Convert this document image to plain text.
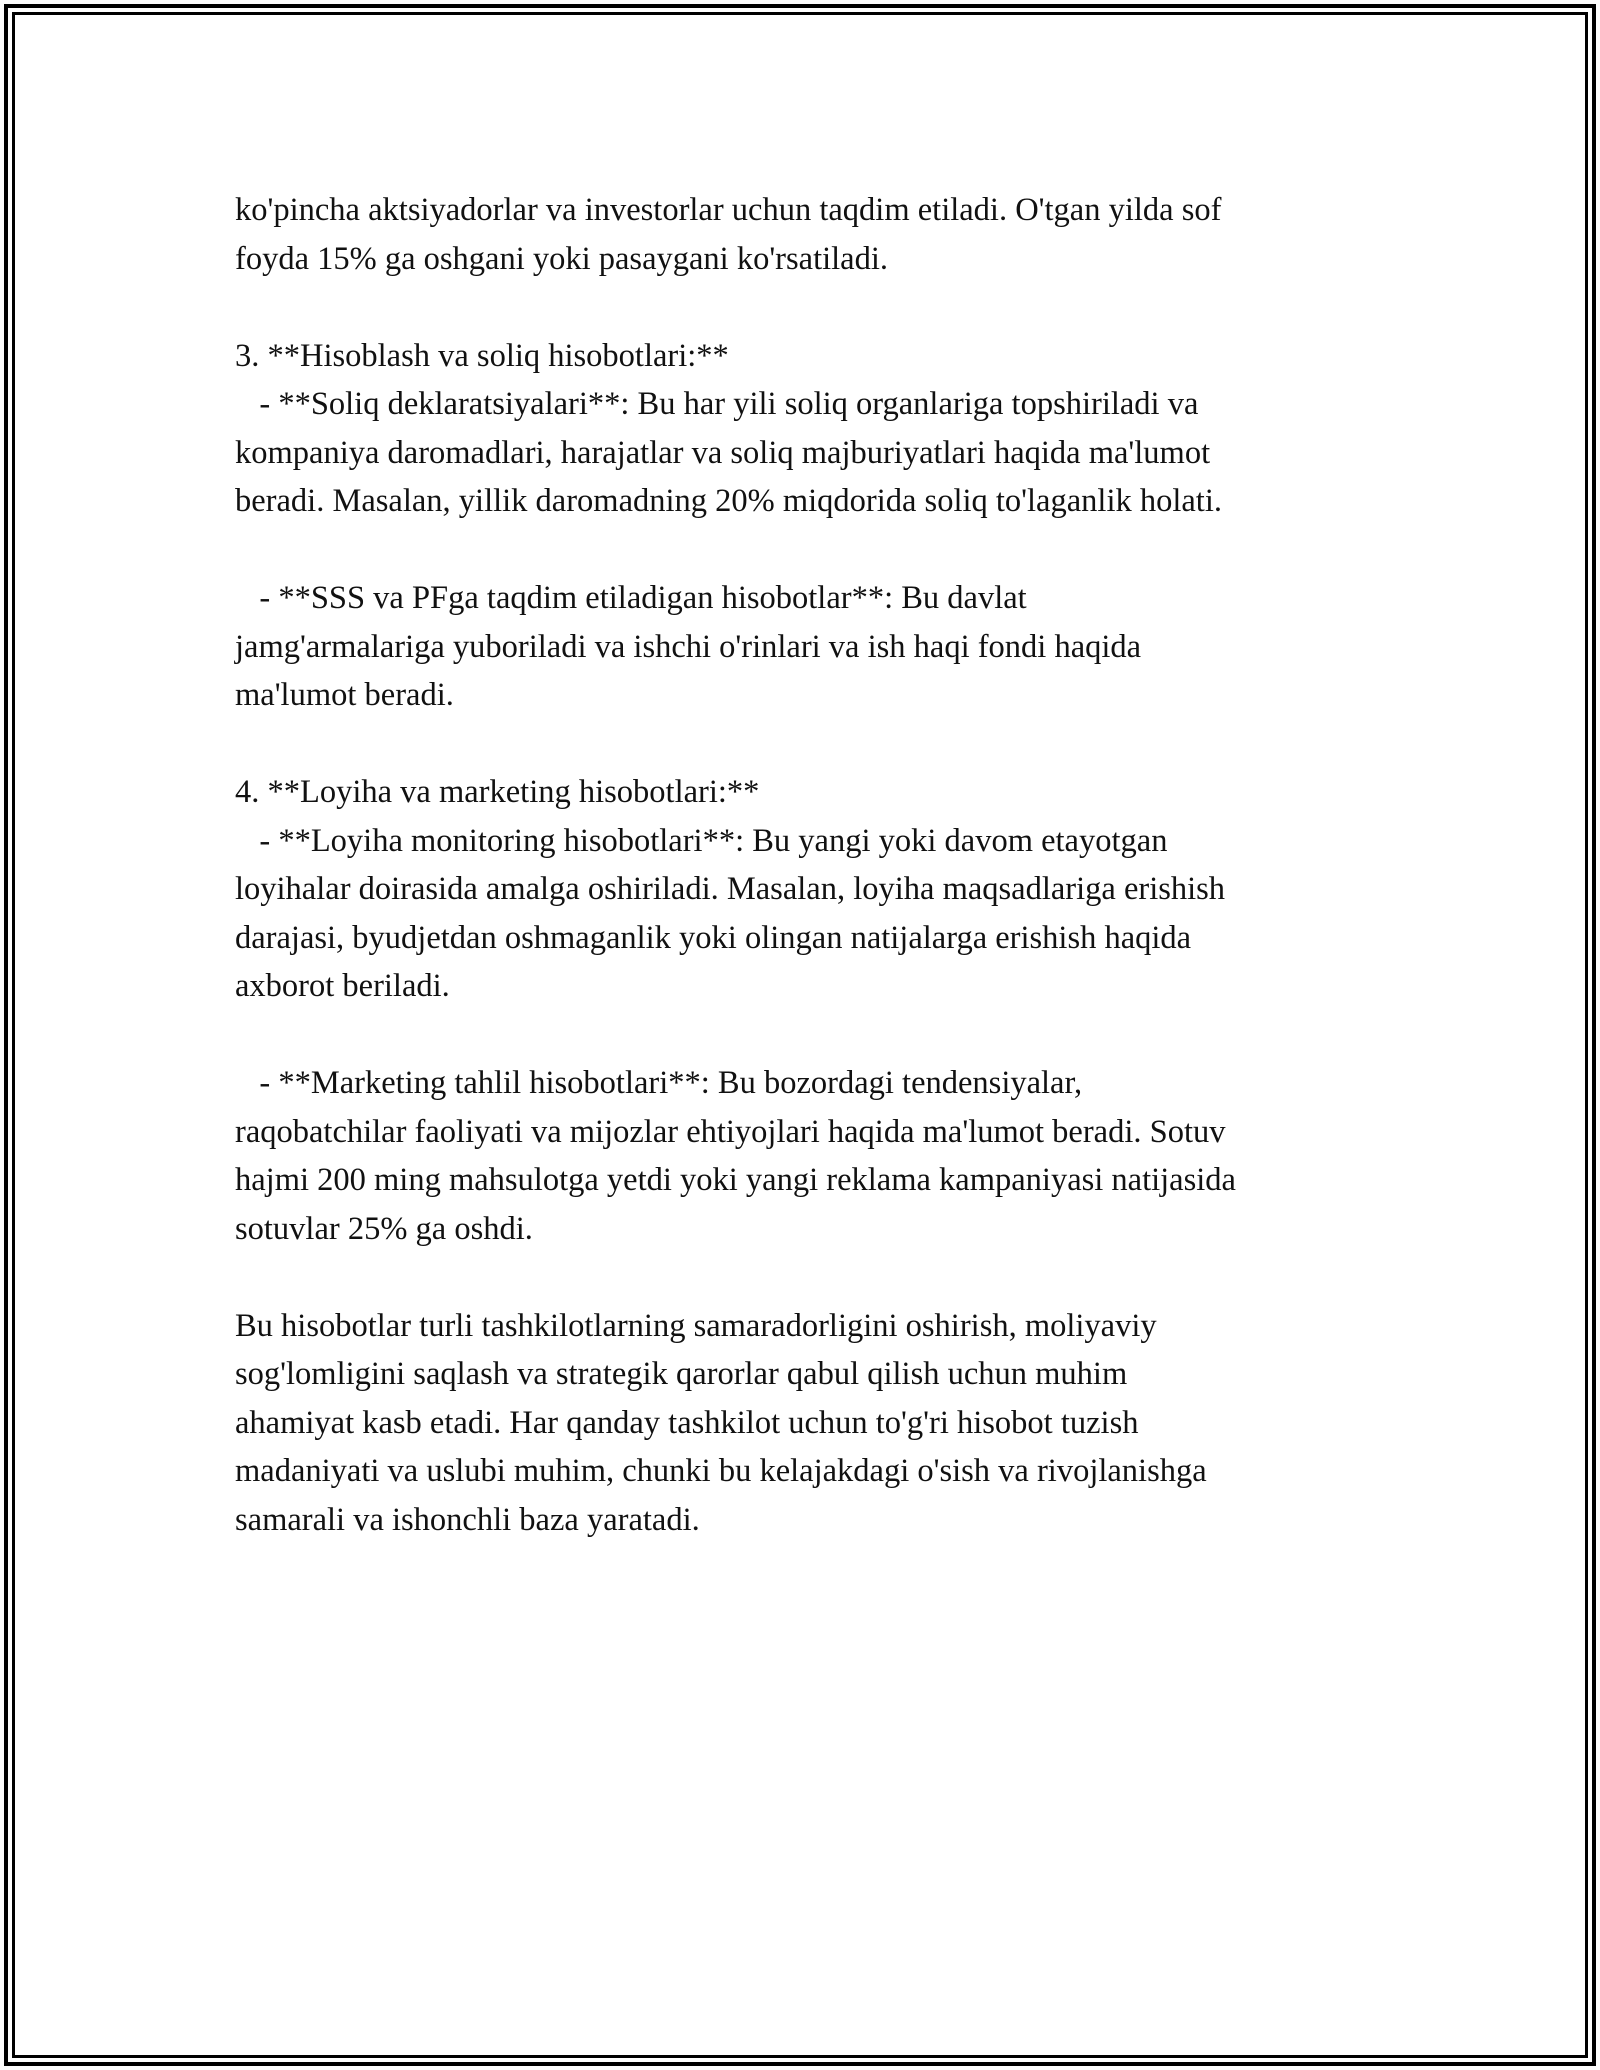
ko'pincha aktsiyadorlar va investorlar uchun taqdim etiladi. O'tgan yilda sof
foyda 15% ga oshgani yoki pasaygani ko'rsatiladi.

3. **Hisoblash va soliq hisobotlari:**
- **Soliq deklaratsiyalari**: Bu har yili soliq organlariga topshiriladi va
kompaniya daromadlari, harajatlar va soliq majburiyatlari haqida ma'lumot
beradi. Masalan, yillik daromadning 20% miqdorida soliq to'laganlik holati.

- **SSS va PFga taqdim etiladigan hisobotlar**: Bu davlat
jamg'armalariga yuboriladi va ishchi o'rinlari va ish haqi fondi haqida
ma'lumot beradi.

4. **Loyiha va marketing hisobotlari:**
- **Loyiha monitoring hisobotlari**: Bu yangi yoki davom etayotgan
loyihalar doirasida amalga oshiriladi. Masalan, loyiha maqsadlariga erishish
darajasi, byudjetdan oshmaganlik yoki olingan natijalarga erishish haqida
axborot beriladi.

- **Marketing tahlil hisobotlari**: Bu bozordagi tendensiyalar,
raqobatchilar faoliyati va mijozlar ehtiyojlari haqida ma'lumot beradi. Sotuv
hajmi 200 ming mahsulotga yetdi yoki yangi reklama kampaniyasi natijasida
sotuvlar 25% ga oshdi.

Bu hisobotlar turli tashkilotlarning samaradorligini oshirish, moliyaviy
sog'lomligini saqlash va strategik qarorlar qabul qilish uchun muhim
ahamiyat kasb etadi. Har qanday tashkilot uchun to'g'ri hisobot tuzish
madaniyati va uslubi muhim, chunki bu kelajakdagi o'sish va rivojlanishga
samarali va ishonchli baza yaratadi.
